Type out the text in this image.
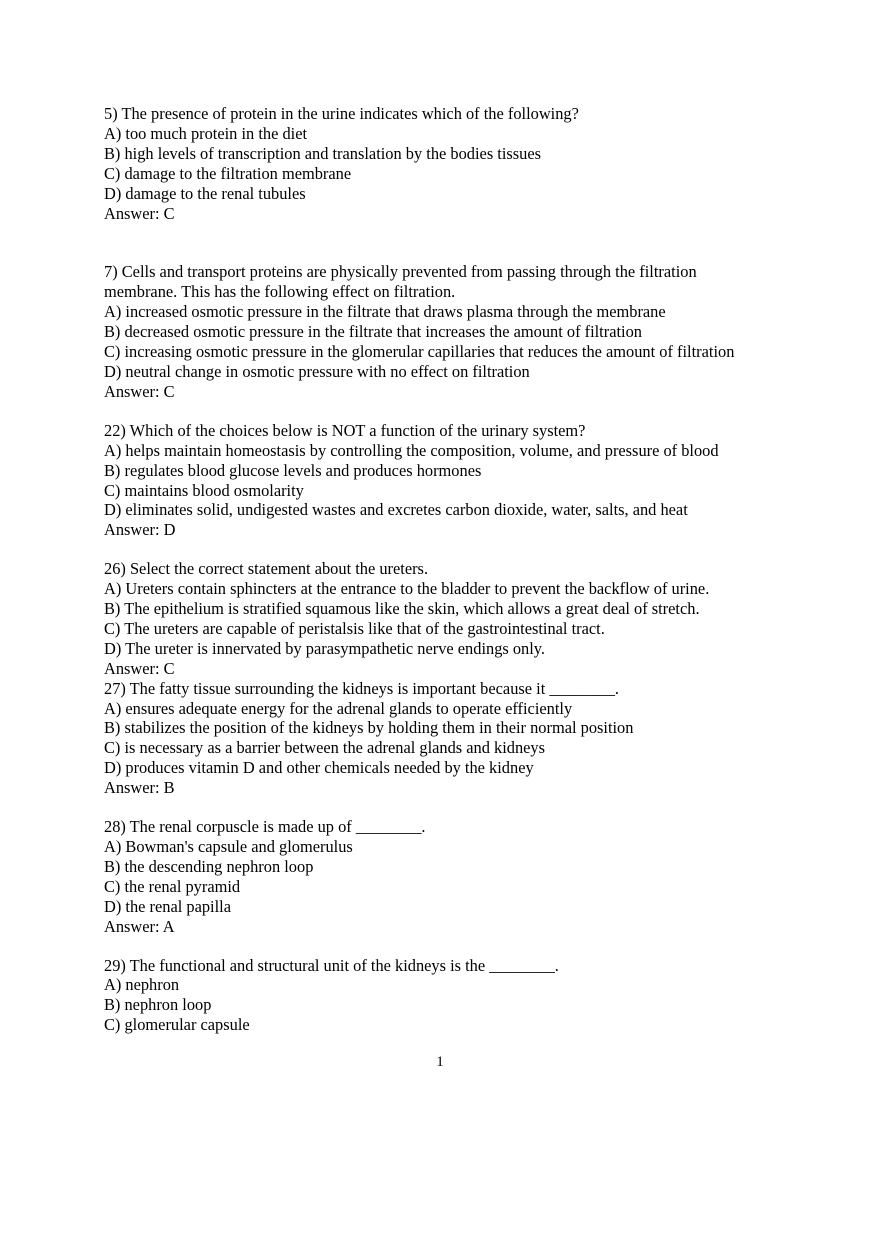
5) The presence of protein in the urine indicates which of the following?
A) too much protein in the diet
B) high levels of transcription and translation by the bodies tissues
C) damage to the filtration membrane
D) damage to the renal tubules
Answer: C
7) Cells and transport proteins are physically prevented from passing through the filtration
membrane. This has the following effect on filtration.
A) increased osmotic pressure in the filtrate that draws plasma through the membrane
B) decreased osmotic pressure in the filtrate that increases the amount of filtration
C) increasing osmotic pressure in the glomerular capillaries that reduces the amount of filtration
D) neutral change in osmotic pressure with no effect on filtration
Answer: C
22) Which of the choices below is NOT a function of the urinary system?
A) helps maintain homeostasis by controlling the composition, volume, and pressure of blood
B) regulates blood glucose levels and produces hormones
C) maintains blood osmolarity
D) eliminates solid, undigested wastes and excretes carbon dioxide, water, salts, and heat
Answer: D
26) Select the correct statement about the ureters.
A) Ureters contain sphincters at the entrance to the bladder to prevent the backflow of urine.
B) The epithelium is stratified squamous like the skin, which allows a great deal of stretch.
C) The ureters are capable of peristalsis like that of the gastrointestinal tract.
D) The ureter is innervated by parasympathetic nerve endings only.
Answer: C
27) The fatty tissue surrounding the kidneys is important because it ________.
A) ensures adequate energy for the adrenal glands to operate efficiently
B) stabilizes the position of the kidneys by holding them in their normal position
C) is necessary as a barrier between the adrenal glands and kidneys
D) produces vitamin D and other chemicals needed by the kidney
Answer: B
28) The renal corpuscle is made up of ________.
A) Bowman's capsule and glomerulus
B) the descending nephron loop
C) the renal pyramid
D) the renal papilla
Answer: A
29) The functional and structural unit of the kidneys is the ________.
A) nephron
B) nephron loop
C) glomerular capsule
1
